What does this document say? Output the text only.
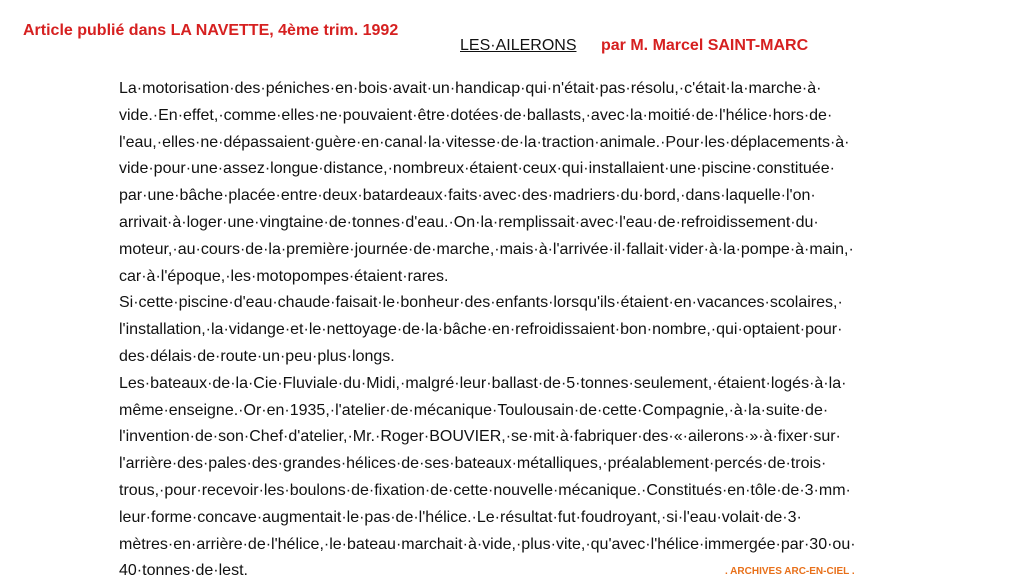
Article publié dans LA NAVETTE, 4ème trim. 1992
LES·AILERONS par M. Marcel SAINT-MARC
La·motorisation·des·péniches·en·bois·avait·un·handicap·qui·n'était·pas·résolu,·c'était·la·marche·à·
vide.·En·effet,·comme·elles·ne·pouvaient·être·dotées·de·ballasts,·avec·la·moitié·de·l'hélice·hors·de·
l'eau,·elles·ne·dépassaient·guère·en·canal·la·vitesse·de·la·traction·animale.·Pour·les·déplacements·à·
vide·pour·une·assez·longue·distance,·nombreux·étaient·ceux·qui·installaient·une·piscine·constituée·
par·une·bâche·placée·entre·deux·batardeaux·faits·avec·des·madriers·du·bord,·dans·laquelle·l'on·
arrivait·à·loger·une·vingtaine·de·tonnes·d'eau.·On·la·remplissait·avec·l'eau·de·refroidissement·du·
moteur,·au·cours·de·la·première·journée·de·marche,·mais·à·l'arrivée·il·fallait·vider·à·la·pompe·à·main,·
car·à·l'époque,·les·motopompes·étaient·rares.
Si·cette·piscine·d'eau·chaude·faisait·le·bonheur·des·enfants·lorsqu'ils·étaient·en·vacances·scolaires,·
l'installation,·la·vidange·et·le·nettoyage·de·la·bâche·en·refroidissaient·bon·nombre,·qui·optaient·pour·
des·délais·de·route·un·peu·plus·longs.
Les·bateaux·de·la·Cie·Fluviale·du·Midi,·malgré·leur·ballast·de·5·tonnes·seulement,·étaient·logés·à·la·
même·enseigne.·Or·en·1935,·l'atelier·de·mécanique·Toulousain·de·cette·Compagnie,·à·la·suite·de·
l'invention·de·son·Chef·d'atelier,·Mr.·Roger·BOUVIER,·se·mit·à·fabriquer·des·«·ailerons·»·à·fixer·sur·
l'arrière·des·pales·des·grandes·hélices·de·ses·bateaux·métalliques,·préalablement·percés·de·trois·
trous,·pour·recevoir·les·boulons·de·fixation·de·cette·nouvelle·mécanique.·Constitués·en·tôle·de·3·mm·
leur·forme·concave·augmentait·le·pas·de·l'hélice.·Le·résultat·fut·foudroyant,·si·l'eau·volait·de·3·
mètres·en·arrière·de·l'hélice,·le·bateau·marchait·à·vide,·plus·vite,·qu'avec·l'hélice·immergée·par·30·ou·
40·tonnes·de·lest.	. ARCHIVES ARC-EN-CIEL .
